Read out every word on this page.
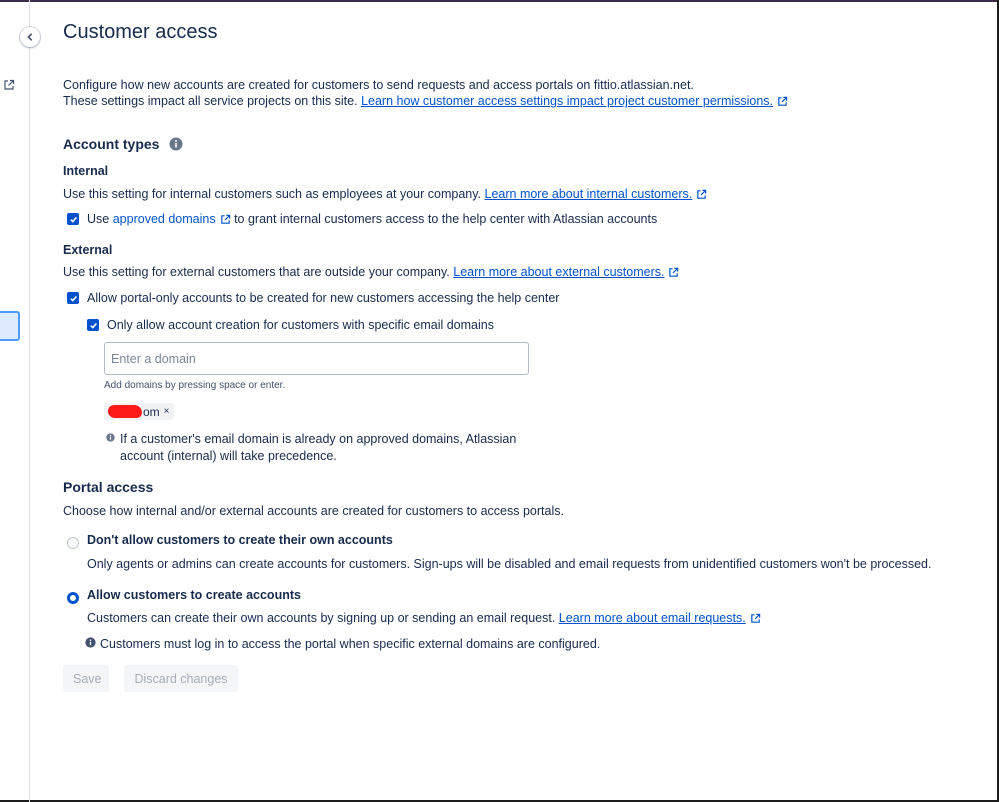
Customer access

Configure how new accounts are created for customers to send requests and access portals on fittio.atlassian.net.

These settings impact all service projects on this site. Learn how customer access settings impact project customer permissions.

Account types
Internal

Use this setting for internal customers such as employees at your company. Learn more about internal customers.

Use approved domains to grant internal customers access to the help center with Atlassian accounts
External

Use this setting for external customers that are outside your company. Learn more about external customers.

Allow portal-only accounts to be created for new customers accessing the help center
Only allow account creation for customers with specific email domains
Enter a domain
Add domains by pressing space or enter.
om ×
If a customer's email domain is already on approved domains, Atlassian
account (internal) will take precedence.
Portal access

Choose how internal and/or external accounts are created for customers to access portals.

Don't allow customers to create their own accounts

Only agents or admins can create accounts for customers. Sign-ups will be disabled and email requests from unidentified customers won't be processed.

Allow customers to create accounts

Customers can create their own accounts by signing up or sending an email request. Learn more about email requests.

Customers must log in to access the portal when specific external domains are configured.

Save	Discard changes
